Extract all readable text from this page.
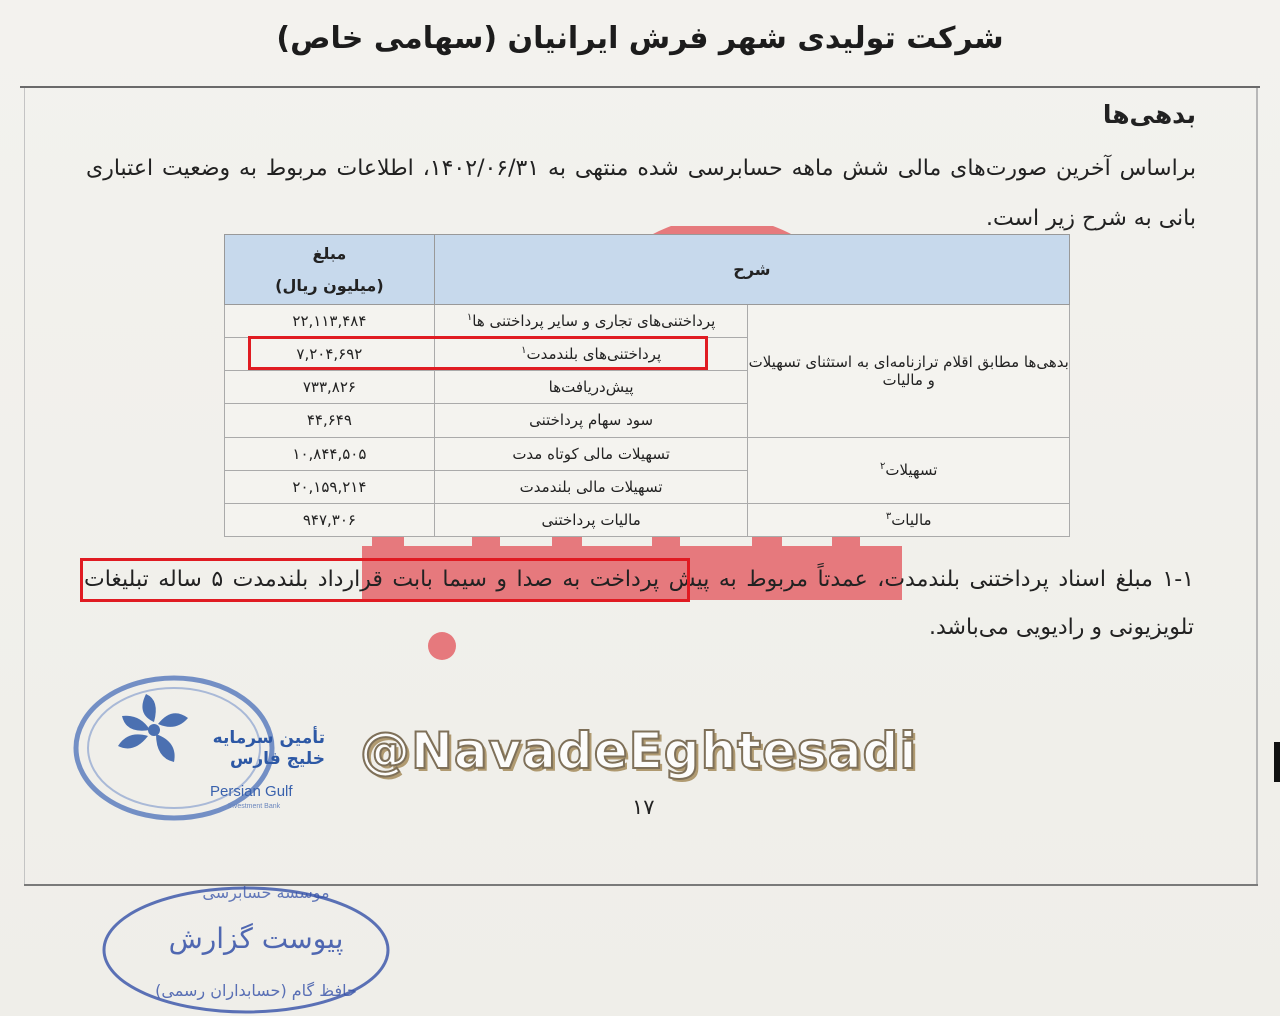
شرکت تولیدی شهر فرش ایرانیان (سهامی خاص)
بدهی‌ها
براساس آخرین صورت‌های مالی شش ماهه حسابرسی شده منتهی به ۱۴۰۲/۰۶/۳۱، اطلاعات مربوط به وضعیت اعتباری بانی به شرح زیر است.
شرح		مبلغ
(میلیون ریال)

بدهی‌ها مطابق اقلام ترازنامه‌ای به استثنای تسهیلات و مالیات	پرداختنی‌های تجاری و سایر پرداختنی ها$^۱$	۲۲,۱۱۳,۴۸۴
	پرداختنی‌های بلندمدت$^۱$	۷,۲۰۴,۶۹۲
	پیش‌دریافت‌ها	۷۳۳,۸۲۶
	سود سهام پرداختنی	۴۴,۶۴۹
تسهیلات$^۲$	تسهیلات مالی کوتاه مدت	۱۰,۸۴۴,۵۰۵
	تسهیلات مالی بلندمدت	۲۰,۱۵۹,۲۱۴
مالیات$^۳$	مالیات پرداختنی	۹۴۷,۳۰۶
۱-۱ مبلغ اسناد پرداختنی بلندمدت، عمدتاً مربوط به پیش پرداخت به صدا و سیما بابت قرارداد بلندمدت ۵ ساله تبلیغات تلویزیونی و رادیویی می‌باشد.
@NavadeEghtesadi
تأمین سرمایه
خلیج فارس
Persian Gulf
Investment Bank	۱۷
موسسه حسابرسی
پیوست گزارش
حافظ گام (حسابداران رسمی)
